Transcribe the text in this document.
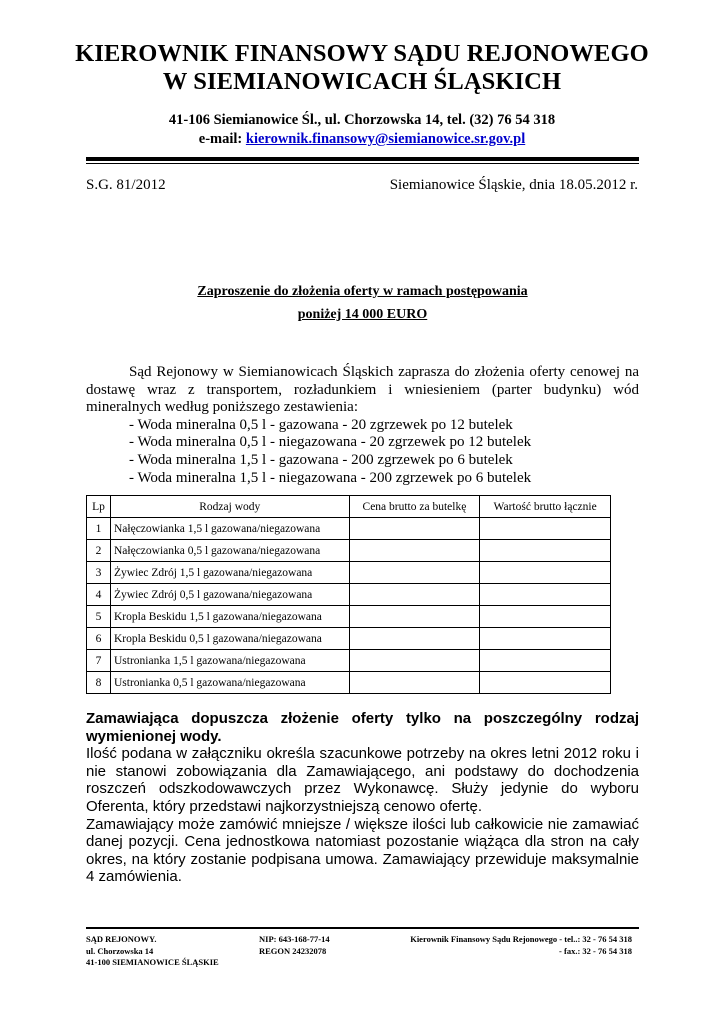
KIEROWNIK FINANSOWY SĄDU REJONOWEGO
W SIEMIANOWICACH ŚLĄSKICH
41-106 Siemianowice Śl., ul. Chorzowska 14, tel. (32) 76 54 318
e-mail: kierownik.finansowy@siemianowice.sr.gov.pl
S.G. 81/2012	Siemianowice Śląskie, dnia 18.05.2012 r.
Zaproszenie do złożenia oferty w ramach postępowania
poniżej 14 000 EURO
Sąd Rejonowy w Siemianowicach Śląskich zaprasza do złożenia oferty cenowej na dostawę wraz z transportem, rozładunkiem i wniesieniem (parter budynku) wód mineralnych według poniższego zestawienia:
- Woda mineralna 0,5 l - gazowana - 20 zgrzewek po 12 butelek
- Woda mineralna 0,5 l - niegazowana - 20 zgrzewek po 12 butelek
- Woda mineralna 1,5 l - gazowana - 200 zgrzewek po 6 butelek
- Woda mineralna 1,5 l - niegazowana - 200 zgrzewek po 6 butelek
Lp	Rodzaj wody	Cena brutto za butelkę	Wartość brutto łącznie
1	Nałęczowianka 1,5 l gazowana/niegazowana		
2	Nałęczowianka 0,5 l gazowana/niegazowana		
3	Żywiec Zdrój 1,5 l gazowana/niegazowana		
4	Żywiec Zdrój 0,5 l gazowana/niegazowana		
5	Kropla Beskidu 1,5 l gazowana/niegazowana		
6	Kropla Beskidu 0,5 l gazowana/niegazowana		
7	Ustronianka 1,5 l gazowana/niegazowana		
8	Ustronianka 0,5 l gazowana/niegazowana		

Zamawiająca dopuszcza złożenie oferty tylko na poszczególny rodzaj wymienionej wody.

Ilość podana w załączniku określa szacunkowe potrzeby na okres letni 2012 roku i nie stanowi zobowiązania dla Zamawiającego, ani podstawy do dochodzenia roszczeń odszkodowawczych przez Wykonawcę. Służy jedynie do wyboru Oferenta, który przedstawi najkorzystniejszą cenowo ofertę.

Zamawiający może zamówić mniejsze / większe ilości lub całkowicie nie zamawiać danej pozycji. Cena jednostkowa natomiast pozostanie wiążąca dla stron na cały okres, na który zostanie podpisana umowa. Zamawiający przewiduje maksymalnie 4 zamówienia.

SĄD REJONOWY.
ul. Chorzowska 14
41-100 SIEMIANOWICE ŚLĄSKIE
NIP: 643-168-77-14
REGON 24232078
Kierownik Finansowy Sądu Rejonowego - tel..: 32 - 76 54 318
- fax.: 32 - 76 54 318
